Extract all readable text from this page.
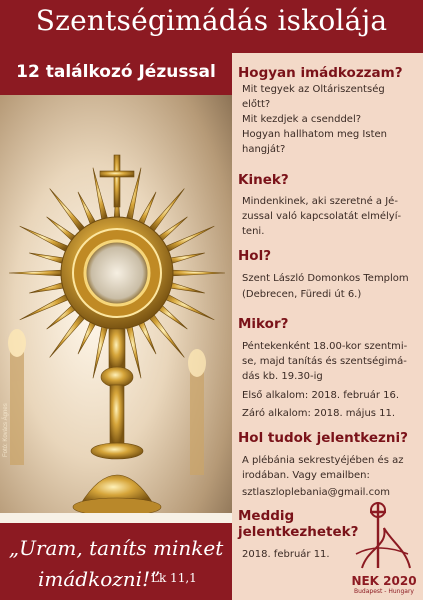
Szentségimádás iskolája
12 találkozó Jézussal
Fotó: Kovács Ágnes
„Uram, taníts minket
imádkozni!”
Lk 11,1
Hogyan imádkozzam?
Mit tegyek az Oltáriszentség
előtt?
Mit kezdjek a csenddel?
Hogyan hallhatom meg Isten
hangját?
Kinek?
Mindenkinek, aki szeretné a Jé-
zussal való kapcsolatát elmélyí-
teni.
Hol?
Szent László Domonkos Templom
(Debrecen, Füredi út 6.)
Mikor?
Péntekenként 18.00-kor szentmi-
se, majd tanítás és szentségimá-
dás kb. 19.30-ig
Első alkalom: 2018. február 16.
Záró alkalom: 2018. május 11.
Hol tudok jelentkezni?
A plébánia sekrestyéjében és az
irodában. Vagy emailben:
sztlaszloplebania@gmail.com
Meddig
jelentkezhetek?
2018. február 11.
NEK 2020
Budapest - Hungary
